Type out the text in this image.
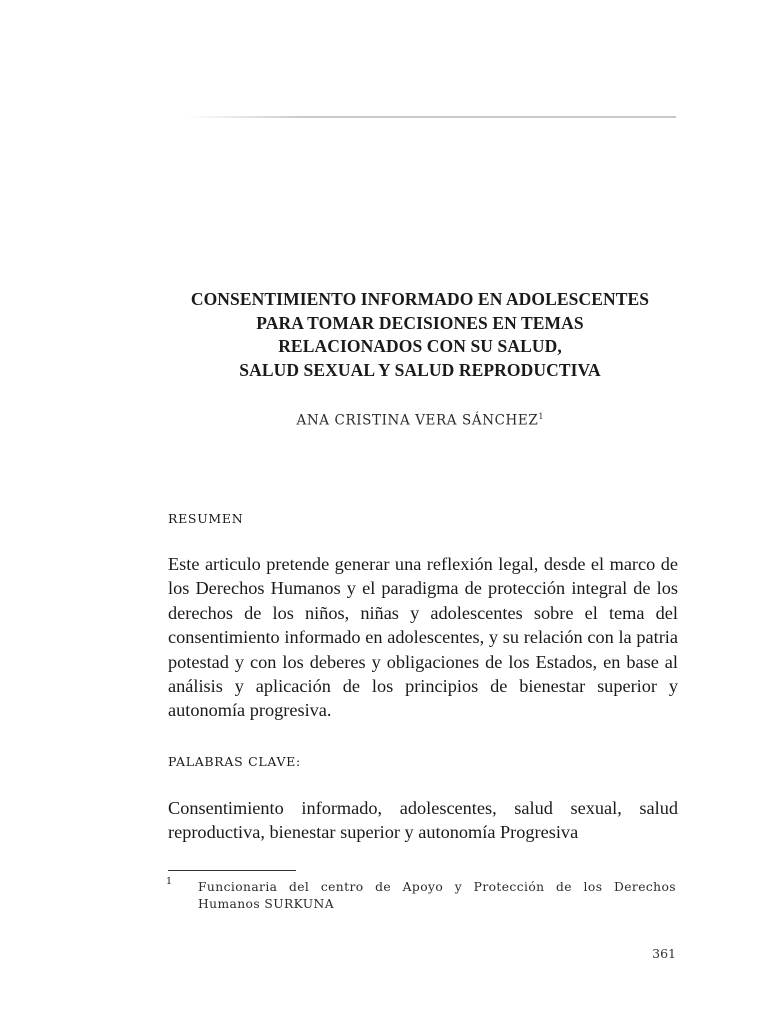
CONSENTIMIENTO INFORMADO EN ADOLESCENTES
PARA TOMAR DECISIONES EN TEMAS
RELACIONADOS CON SU SALUD,
SALUD SEXUAL Y SALUD REPRODUCTIVA
ANA CRISTINA VERA SÁNCHEZ$^1$
RESUMEN
Este articulo pretende generar una reflexión legal, desde el marco de los Derechos Humanos y el paradigma de protección integral de los derechos de los niños, niñas y adolescentes sobre el tema del consentimiento informado en adolescentes, y su relación con la patria potestad y con los deberes y obligaciones de los Estados, en base al análisis y aplicación de los principios de bienestar superior y autonomía progresiva.
PALABRAS CLAVE:
Consentimiento informado, adolescentes, salud sexual, salud reproductiva, bienestar superior y autonomía Progresiva
1 Funcionaria del centro de Apoyo y Protección de los Derechos Humanos SURKUNA
361
